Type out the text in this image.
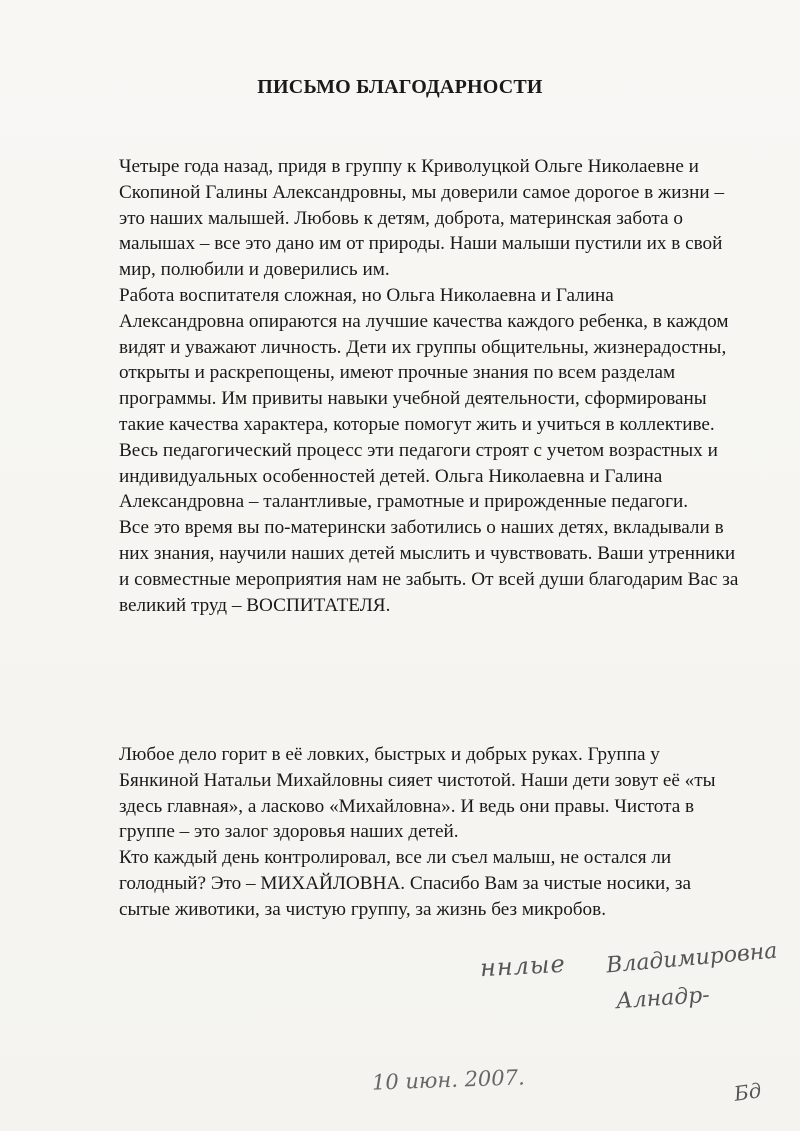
ПИСЬМО БЛАГОДАРНОСТИ

Четыре года назад, придя в группу к Криволуцкой Ольге Николаевне и Скопиной Галины Александровны, мы доверили самое дорогое в жизни – это наших малышей. Любовь к детям, доброта, материнская забота о малышах – все это дано им от природы. Наши малыши пустили их в свой мир, полюбили и доверились им.

Работа воспитателя сложная, но Ольга Николаевна и Галина Александровна опираются на лучшие качества каждого ребенка, в каждом видят и уважают личность. Дети их группы общительны, жизнерадостны, открыты и раскрепощены, имеют прочные знания по всем разделам программы. Им привиты навыки учебной деятельности, сформированы такие качества характера, которые помогут жить и учиться в коллективе.

Весь педагогический процесс эти педагоги строят с учетом возрастных и индивидуальных особенностей детей. Ольга Николаевна и Галина Александровна – талантливые, грамотные и прирожденные педагоги.

Все это время вы по-матерински заботились о наших детях, вкладывали в них знания, научили наших детей мыслить и чувствовать. Ваши утренники и совместные мероприятия нам не забыть. От всей души благодарим Вас за великий труд – ВОСПИТАТЕЛЯ.

Любое дело горит в её ловких, быстрых и добрых руках. Группа у Бянкиной Натальи Михайловны сияет чистотой. Наши дети зовут её «ты здесь главная», а ласково «Михайловна». И ведь они правы. Чистота в группе – это залог здоровья наших детей.

Кто каждый день контролировал, все ли съел малыш, не остался ли голодный? Это – МИХАЙЛОВНА. Спасибо Вам за чистые носики, за сытые животики, за чистую группу, за жизнь без микробов.

ннлые Владимировна

Алнадр-

10 июн. 2007.	Бд
